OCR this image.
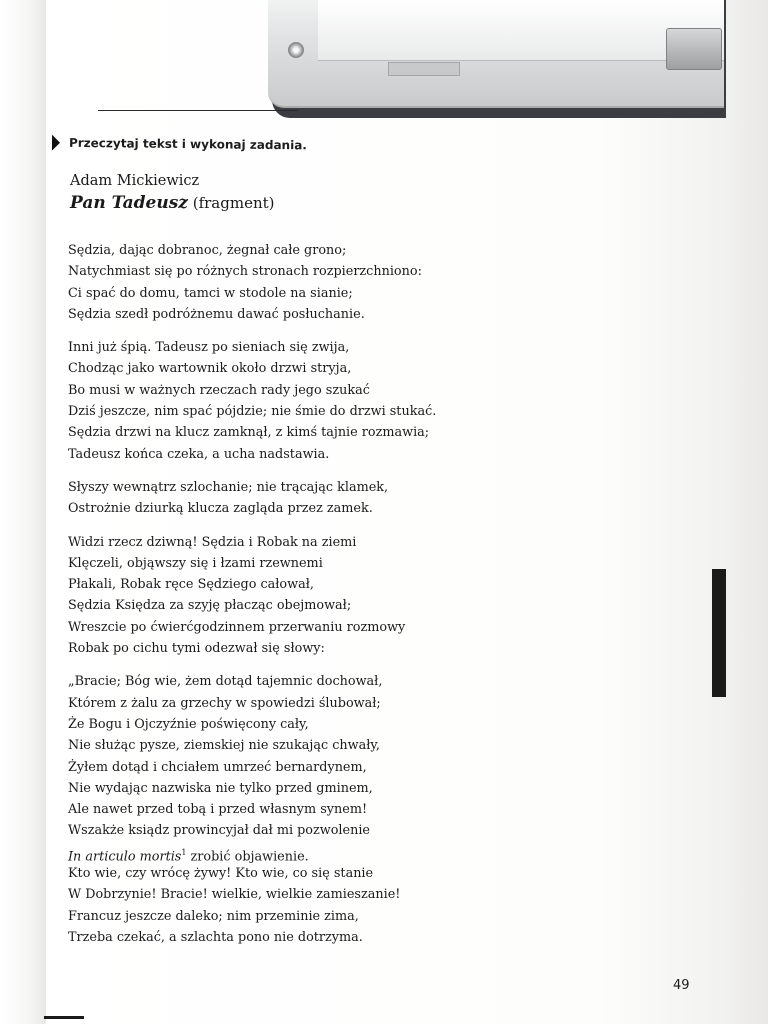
Przeczytaj tekst i wykonaj zadania.
Adam Mickiewicz
Pan Tadeusz (fragment)
Sędzia, dając dobranoc, żegnał całe grono;
Natychmiast się po różnych stronach rozpierzchniono:
Ci spać do domu, tamci w stodole na sianie;
Sędzia szedł podróżnemu dawać posłuchanie.
Inni już śpią. Tadeusz po sieniach się zwija,
Chodząc jako wartownik około drzwi stryja,
Bo musi w ważnych rzeczach rady jego szukać
Dziś jeszcze, nim spać pójdzie; nie śmie do drzwi stukać.
Sędzia drzwi na klucz zamknął, z kimś tajnie rozmawia;
Tadeusz końca czeka, a ucha nadstawia.
Słyszy wewnątrz szlochanie; nie trącając klamek,
Ostrożnie dziurką klucza zagląda przez zamek.
Widzi rzecz dziwną! Sędzia i Robak na ziemi
Klęczeli, objąwszy się i łzami rzewnemi
Płakali, Robak ręce Sędziego całował,
Sędzia Księdza za szyję płacząc obejmował;
Wreszcie po ćwierćgodzinnem przerwaniu rozmowy
Robak po cichu tymi odezwał się słowy:
„Bracie; Bóg wie, żem dotąd tajemnic dochował,
Którem z żalu za grzechy w spowiedzi ślubował;
Że Bogu i Ojczyźnie poświęcony cały,
Nie służąc pysze, ziemskiej nie szukając chwały,
Żyłem dotąd i chciałem umrzeć bernardynem,
Nie wydając nazwiska nie tylko przed gminem,
Ale nawet przed tobą i przed własnym synem!
Wszakże ksiądz prowincyjał dał mi pozwolenie
In articulo mortis$^1$ zrobić objawienie.
Kto wie, czy wrócę żywy! Kto wie, co się stanie
W Dobrzynie! Bracie! wielkie, wielkie zamieszanie!
Francuz jeszcze daleko; nim przeminie zima,
Trzeba czekać, a szlachta pono nie dotrzyma.
49
